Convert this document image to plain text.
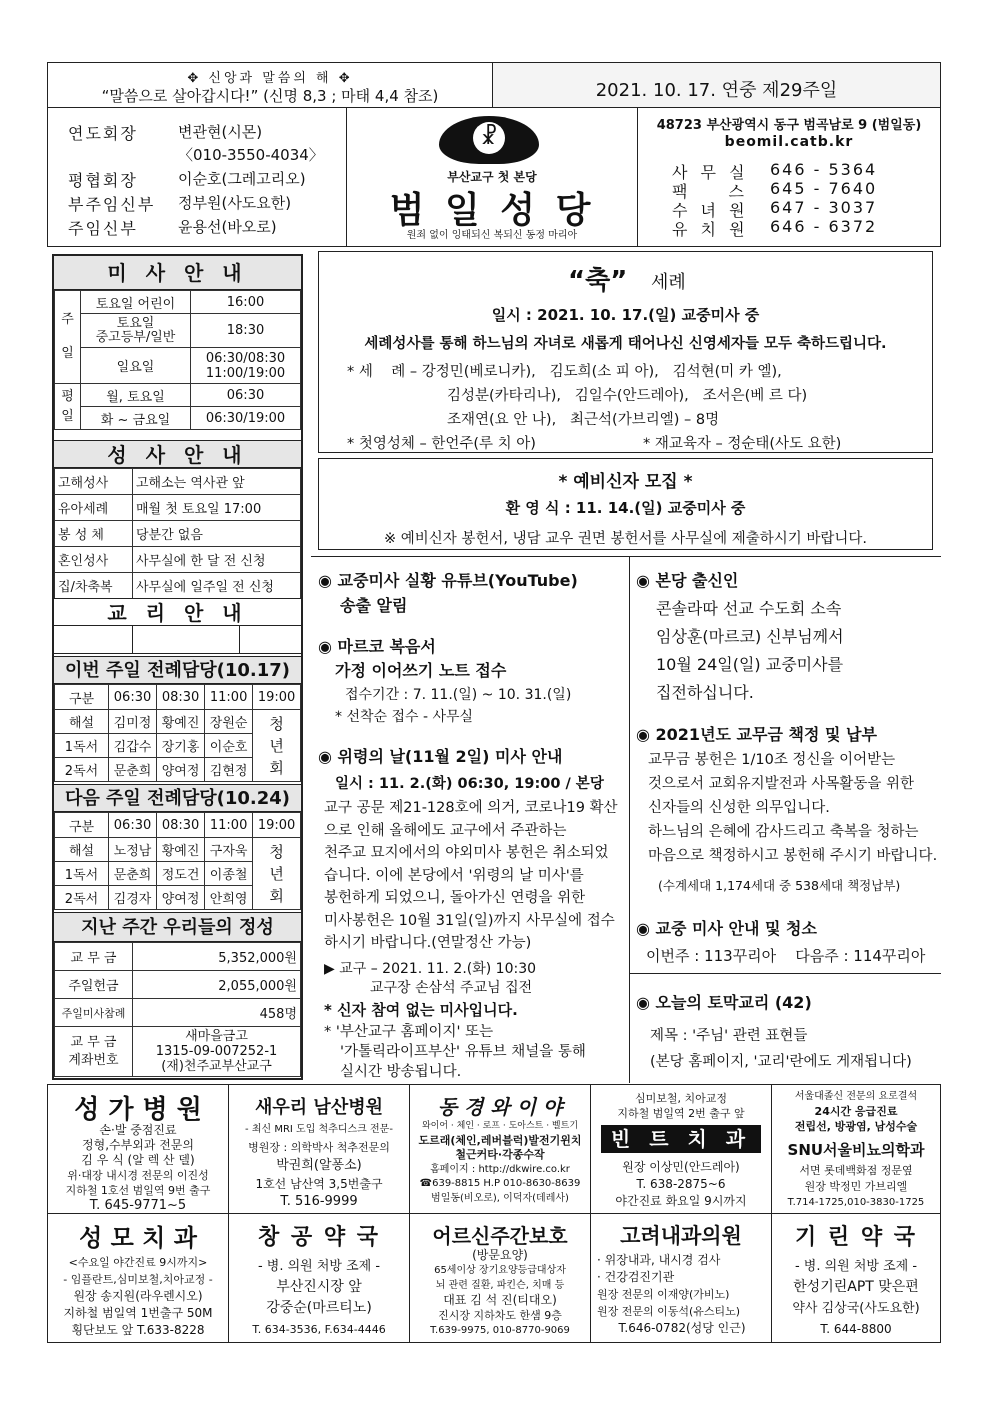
✥ 신앙과 말씀의 해 ✥
“말씀으로 살아갑시다!” (신명 8,3 ; 마태 4,4 참조)	2021. 10. 17. 연중 제29주일
연도회장	변관현(시몬)
〈010-3550-4034〉
평협회장	이순호(그레고리오)
부주임신부 정부원(사도요한)
주임신부	윤용선(바오로)
☧
부산교구 첫 본당
범 일 성 당
원죄 없이 잉태되신 복되신 동정 마리아
48723 부산광역시 동구 범곡남로 9 (범일동)
beomil.catb.kr
사 무 실 646 - 5364
팩 스 645 - 7640
수 녀 원 647 - 3037
유 치 원 646 - 6372
미 사 안 내
주일	토요일 어린이	16:00
	토요일
중고등부/일반	18:30
	일요일	06:30/08:30
11:00/19:00
평일	월, 토요일	06:30
	화 ~ 금요일	06:30/19:00
성 사 안 내
고해성사	고해소는 역사관 앞
유아세례	매월 첫 토요일 17:00
봉 성 체	당분간 없음
혼인성사	사무실에 한 달 전 신청
집/차축복	사무실에 일주일 전 신청
교 리 안 내
이번 주일 전례담당(10.17)
구분	06:30	08:30	11:00	19:00
해설	김미정	황예진	장원순	청
년
회
1독서	김갑수	장기홍	이순호	
2독서	문춘희	양여정	김현정	
다음 주일 전례담당(10.24)
구분	06:30	08:30	11:00	19:00
해설	노정남	황예진	구자욱	청
년
회
1독서	문춘희	정도건	이종철	
2독서	김경자	양여정	안희영	
지난 주간 우리들의 정성
교 무 금	5,352,000원
주일헌금	2,055,000원
주일미사참례	458명
교 무 금
계좌번호	새마을금고
1315-09-007252-1
(재)천주교부산교구
“축” 세례
일시 : 2021. 10. 17.(일) 교중미사 중
세례성사를 통해 하느님의 자녀로 새롭게 태어나신 신영세자들 모두 축하드립니다.
* 세    례 – 강정민(베로니카),   김도희(소 피 아),   김석현(미 카 엘),
김성분(카타리나),   김일수(안드레아),   조서은(베 르 다)
조재연(요 안 나),   최근석(가브리엘) – 8명
* 첫영성체 – 한언주(루 치 아)	* 재교육자 – 정순태(사도 요한)
* 예비신자 모집 *
환 영 식 : 11. 14.(일) 교중미사 중
※ 예비신자 봉헌서, 냉담 교우 권면 봉헌서를 사무실에 제출하시기 바랍니다.
◉ 교중미사 실황 유튜브(YouTube)
송출 알림
◉ 마르코 복음서
가정 이어쓰기 노트 접수
접수기간 : 7. 11.(일) ~ 10. 31.(일)
* 선착순 접수 - 사무실
◉ 위령의 날(11월 2일) 미사 안내
일시 : 11. 2.(화) 06:30, 19:00 / 본당
교구 공문 제21-128호에 의거, 코로나19 확산
으로 인해 올해에도 교구에서 주관하는
천주교 묘지에서의 야외미사 봉헌은 취소되었
습니다. 이에 본당에서 '위령의 날 미사'를
봉헌하게 되었으니, 돌아가신 연령을 위한
미사봉헌은 10월 31일(일)까지 사무실에 접수
하시기 바랍니다.(연말정산 가능)
▶ 교구 – 2021. 11. 2.(화) 10:30
교구장 손삼석 주교님 집전
* 신자 참여 없는 미사입니다.
* '부산교구 홈페이지' 또는
'가톨릭라이프부산' 유튜브 채널을 통해
실시간 방송됩니다.
◉ 본당 출신인
콘솔라따 선교 수도회 소속
임상훈(마르코) 신부님께서
10월 24일(일) 교중미사를
집전하십니다.
◉ 2021년도 교무금 책정 및 납부
교무금 봉헌은 1/10조 정신을 이어받는
것으로서 교회유지발전과 사목활동을 위한
신자들의 신성한 의무입니다.
하느님의 은혜에 감사드리고 축복을 청하는
마음으로 책정하시고 봉헌해 주시기 바랍니다.
(수계세대 1,174세대 중 538세대 책정납부)
◉ 교중 미사 안내 및 청소
이번주 : 113꾸리아    다음주 : 114꾸리아
◉ 오늘의 토막교리 (42)
제목 : '주님' 관련 표현들
(본당 홈페이지, '교리'란에도 게재됩니다)
성 가 병 원
손·발 중점진료
정형,수부외과 전문의
김 우 식 (알 렉 산 델)
위·대장 내시경 전문의 이진성
지하철 1호선 범일역 9번 출구
T. 645-9771~5
새우리 남산병원
- 최신 MRI 도입 척추디스크 전문-
병원장 : 의학박사 척추전문의
박권희(알퐁소)
1호선 남산역 3,5번출구
T. 516-9999
동 경 와 이 야
와이어 · 체인 · 로프 · 도아스트 · 벨트기
도르래(체인,레버블럭)발전기윈치
철근커타·각종수작
홈페이지 : http://dkwire.co.kr
☎639-8815 H.P 010-8630-8639
범일동(비오로), 이덕자(데레사)
심미보철, 치아교정
지하철 범일역 2번 출구 앞
빈 트 치 과
원장 이상민(안드레아)
T. 638-2875~6
야간진료 화요일 9시까지
서울대졸신 전문의 요로결석
24시간 응급진료
전립선, 방광염, 남성수술
SNU서울비뇨의학과
서면 롯데백화점 정문옆
원장 박정민 가브리엘
T.714-1725,010-3830-1725
성 모 치 과
<수요일 야간진료 9시까지>
- 임플란트,심미보철,치아교정 -
원장 송지원(라우렌시오)
지하철 범일역 1번출구 50M
횡단보도 앞 T.633-8228
창 공 약 국
- 병. 의원 처방 조제 -
부산진시장 앞
강중순(마르티노)
T. 634-3536, F.634-4446
어르신주간보호
(방문요양)
65세이상 장기요양등급대상자
뇌 관련 질환, 파킨슨, 치매 등
대표 김 석 진(티대오)
진시장 지하차도 한샘 9층
T.639-9975, 010-8770-9069
고려내과의원
· 위장내과, 내시경 검사
· 건강검진기관
원장 전문의 이재양(가비노)
원장 전문의 이동석(유스티노)
T.646-0782(성당 인근)
기 린 약 국
- 병. 의원 처방 조제 -
한성기린APT 맞은편
약사 김상국(사도요한)
T. 644-8800
